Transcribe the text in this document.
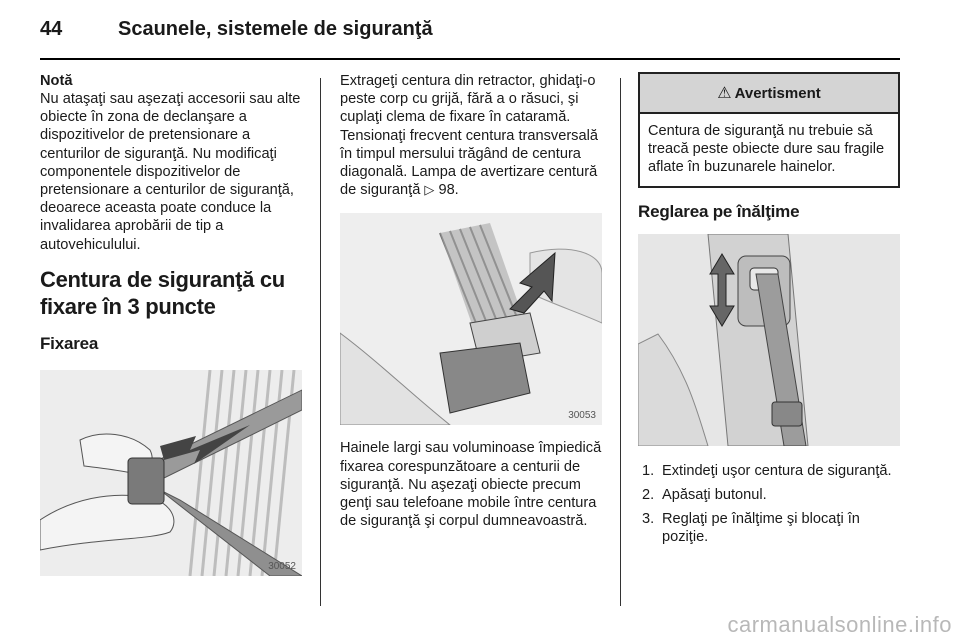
44	Scaunele, sistemele de siguranţă

Notă

Nu ataşaţi sau aşezaţi accesorii sau alte obiecte în zona de declanşare a dispozitivelor de pretensionare a centurilor de siguranţă. Nu modificaţi componentele dispozitivelor de pretensionare a centurilor de siguranţă, deoarece aceasta poate conduce la invalidarea aprobării de tip a autovehiculului.

Centura de siguranţă cu fixare în 3 puncte
Fixarea
30052

Extrageţi centura din retractor, ghidaţi-o peste corp cu grijă, fără a o răsuci, şi cuplaţi clema de fixare în cataramă. Tensionaţi frecvent centura transversală în timpul mersului trăgând de centura diagonală. Lampa de avertizare centură de siguranţă ▷ 98.

30053

Hainele largi sau voluminoase împiedică fixarea corespunzătoare a centurii de siguranţă. Nu aşezaţi obiecte precum genţi sau telefoane mobile între centura de siguranţă şi corpul dumneavoastră.

⚠ Avertisment
Centura de siguranţă nu trebuie să treacă peste obiecte dure sau fragile aflate în buzunarele hainelor.
Reglarea pe înălţime
1. Extindeţi uşor centura de siguranţă.
2. Apăsaţi butonul.
3. Reglaţi pe înălţime şi blocaţi în poziţie.
carmanualsonline.info
